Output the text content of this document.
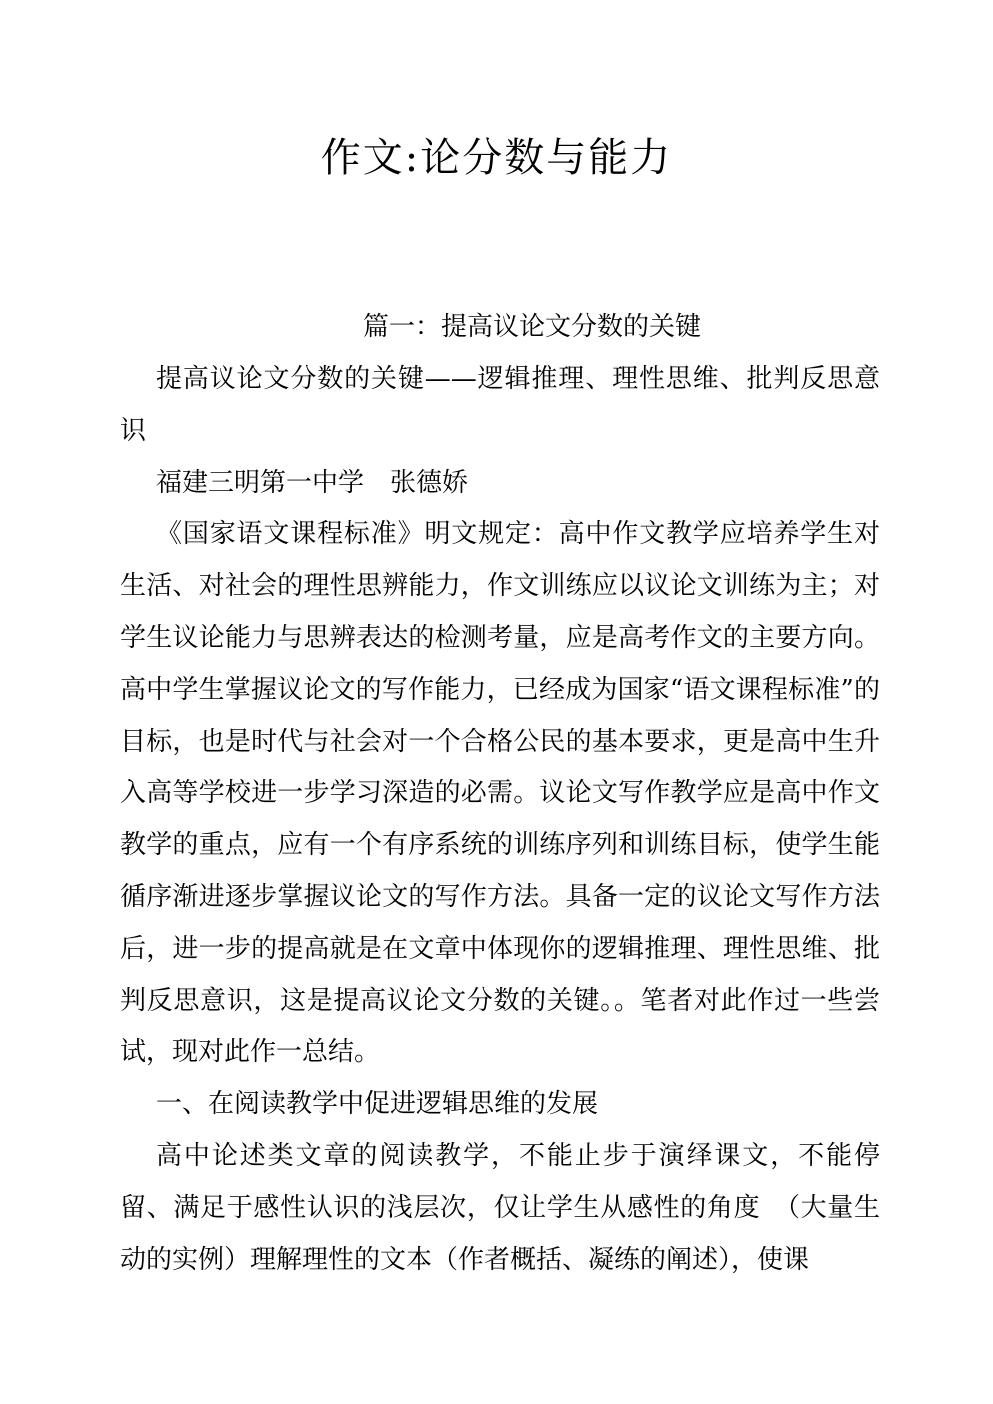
作文:论分数与能力
篇一：提高议论文分数的关键

提高议论文分数的关键——逻辑推理、理性思维、批判反思意识

福建三明第一中学　张德娇

《国家语文课程标准》明文规定：高中作文教学应培养学生对生活、对社会的理性思辨能力，作文训练应以议论文训练为主；对学生议论能力与思辨表达的检测考量，应是高考作文的主要方向。高中学生掌握议论文的写作能力，已经成为国家“语文课程标准”的目标，也是时代与社会对一个合格公民的基本要求，更是高中生升入高等学校进一步学习深造的必需。议论文写作教学应是高中作文教学的重点，应有一个有序系统的训练序列和训练目标，使学生能循序渐进逐步掌握议论文的写作方法。具备一定的议论文写作方法后，进一步的提高就是在文章中体现你的逻辑推理、理性思维、批判反思意识，这是提高议论文分数的关键。。笔者对此作过一些尝试，现对此作一总结。

一、在阅读教学中促进逻辑思维的发展

高中论述类文章的阅读教学，不能止步于演绎课文，不能停留、满足于感性认识的浅层次，仅让学生从感性的角度　（大量生动的实例）理解理性的文本（作者概括、凝练的阐述），使课
